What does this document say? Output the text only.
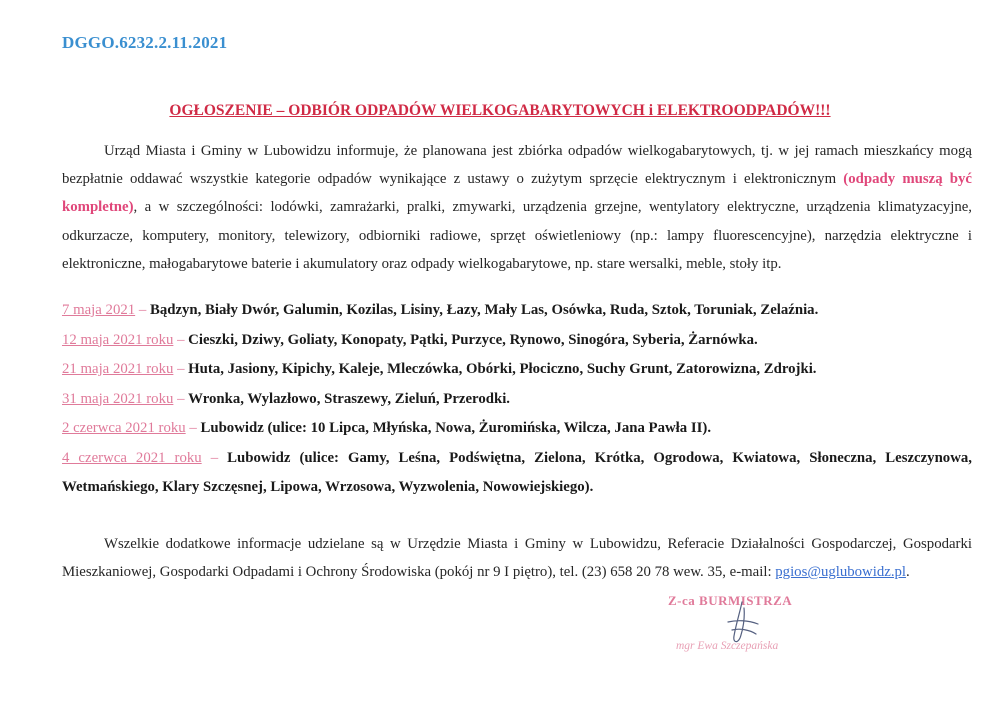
DGGO.6232.2.11.2021
OGŁOSZENIE – ODBIÓR ODPADÓW WIELKOGABARYTOWYCH i ELEKTROODPADÓW!!!

Urząd Miasta i Gminy w Lubowidzu informuje, że planowana jest zbiórka odpadów wielkogabarytowych, tj. w jej ramach mieszkańcy mogą bezpłatnie oddawać wszystkie kategorie odpadów wynikające z ustawy o zużytym sprzęcie elektrycznym i elektronicznym (odpady muszą być kompletne), a w szczególności: lodówki, zamrażarki, pralki, zmywarki, urządzenia grzejne, wentylatory elektryczne, urządzenia klimatyzacyjne, odkurzacze, komputery, monitory, telewizory, odbiorniki radiowe, sprzęt oświetleniowy (np.: lampy fluorescencyjne), narzędzia elektryczne i elektroniczne, małogabarytowe baterie i akumulatory oraz odpady wielkogabarytowe, np. stare wersalki, meble, stoły itp.

7 maja 2021 – Bądzyn, Biały Dwór, Galumin, Kozilas, Lisiny, Łazy, Mały Las, Osówka, Ruda, Sztok, Toruniak, Zelaźnia.

12 maja 2021 roku – Cieszki, Dziwy, Goliaty, Konopaty, Pątki, Purzyce, Rynowo, Sinogóra, Syberia, Żarnówka.

21 maja 2021 roku – Huta, Jasiony, Kipichy, Kaleje, Mleczówka, Obórki, Płociczno, Suchy Grunt, Zatorowizna, Zdrojki.

31 maja 2021 roku – Wronka, Wylazłowo, Straszewy, Zieluń, Przerodki.

2 czerwca 2021 roku – Lubowidz (ulice: 10 Lipca, Młyńska, Nowa, Żuromińska, Wilcza, Jana Pawła II).

4 czerwca 2021 roku – Lubowidz (ulice: Gamy, Leśna, Podświętna, Zielona, Krótka, Ogrodowa, Kwiatowa, Słoneczna, Leszczynowa, Wetmańskiego, Klary Szczęsnej, Lipowa, Wrzosowa, Wyzwolenia, Nowowiejskiego).

Wszelkie dodatkowe informacje udzielane są w Urzędzie Miasta i Gminy w Lubowidzu, Referacie Działalności Gospodarczej, Gospodarki Mieszkaniowej, Gospodarki Odpadami i Ochrony Środowiska (pokój nr 9 I piętro), tel. (23) 658 20 78 wew. 35, e-mail: pgios@uglubowidz.pl.

Z-ca BURMISTRZA
mgr Ewa Szczepańska
